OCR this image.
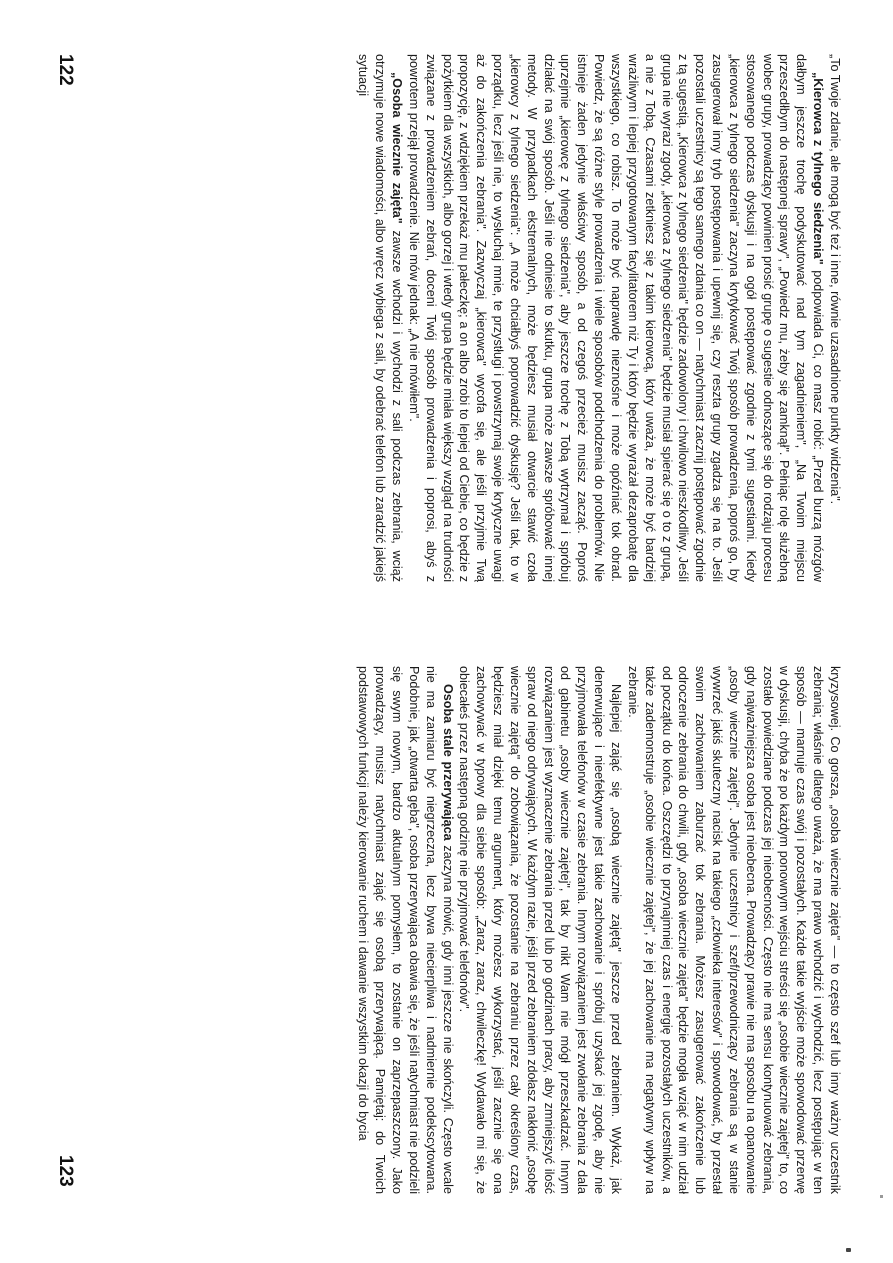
„To Twoje zdanie, ale mogą być też i inne, równie uzasadnione punkty widzenia".

„Kierowca z tylnego siedzenia" podpowiada Ci, co masz robić: „Przed burzą mózgów dałbym jeszcze trochę podyskutować nad tym zagadnieniem", „Na Twoim miejscu przeszedłbym do następnej sprawy", „Powiedz mu, żeby się zamknął". Pełniąc rolę służebną wobec grupy, prowadzący powinien prosić grupę o sugestie odnoszące się do rodzaju procesu stosowanego podczas dyskusji i na ogół postępować zgodnie z tymi sugestiami. Kiedy „kierowca z tylnego siedzenia" zaczyna krytykować Twój sposób prowadzenia, poproś go, by zasugerował inny tryb postępowania i upewnij się, czy reszta grupy zgadza się na to. Jeśli pozostali uczestnicy są tego samego zdania co on — natychmiast zacznij postępować zgodnie z tą sugestią. „Kierowca z tylnego siedzenia" będzie zadowolony i chwilowo nieszkodliwy. Jeśli grupa nie wyrazi zgody, „kierowca z tylnego siedzenia" będzie musiał spierać się o to z grupą, a nie z Tobą. Czasami zetkniesz się z takim kierowcą, który uważa, że może być bardziej wrażliwym i lepiej przygotowanym facylitatorem niż Ty i który będzie wyrażał dezaprobatę dla wszystkiego, co robisz. To może być naprawdę nieznośne i może opóźniać tok obrad. Powiedz, że są różne style prowadzenia i wiele sposobów podchodzenia do problemów. Nie istnieje żaden jedynie właściwy sposób, a od czegoś przecież musisz zacząć. Poproś uprzejmie „kierowcę z tylnego siedzenia", aby jeszcze trochę z Tobą wytrzymał i spróbuj działać na swój sposób. Jeśli nie odniesie to skutku, grupa może zawsze spróbować innej metody. W przypadkach ekstremalnych, może będziesz musiał otwarcie stawić czoła „kierowcy z tylnego siedzenia": „A może chciałbyś poprowadzić dyskusję? Jeśli tak, to w porządku, lecz jeśli nie, to wysłuchaj mnie, te przystługi i powstrzymaj swoje krytyczne uwagi aż do zakończenia zebrania". Zazwyczaj „kierowca" wycofa się, ale jeśli przyjmie Twą propozycję, z wdziękiem przekaż mu pałeczkę; a on albo zrobi to lepiej od Ciebie, co będzie z pożytkiem dla wszystkich, albo gorzej i wtedy grupa będzie miała większy wzgląd na trudności związane z prowadzeniem zebrań, doceni Twój sposób prowadzenia i poprosi, abyś z powrotem przejął prowadzenie. Nie mów jednak: „A nie mówiłem".

„Osoba wiecznie zajęta" zawsze wchodzi i wychodzi z sali podczas zebrania, wciąż otrzymuje nowe wiadomości, albo wręcz wybiega z sali, by odebrać telefon lub zaradzić jakiejś sytuacji

122

kryzysowej. Co gorsza, „osoba wiecznie zajęta" — to często szef lub inny ważny uczestnik zebrania; właśnie dlatego uważa, że ma prawo wchodzić i wychodzić, lecz postępując w ten sposób — marnuje czas swój i pozostałych. Każde takie wyjście może spowodować przerwę w dyskusji, chyba że po każdym ponownym wejściu streści się „osobie wiecznie zajętej" to, co zostało powiedziane podczas jej nieobecności. Często nie ma sensu kontynuować zebrania, gdy najważniejsza osoba jest nieobecna. Prowadzący prawie nie ma sposobu na opanowanie „osoby wiecznie zajętej". Jedynie uczestnicy i szef/przewodniczący zebrania są w stanie wywrzeć jakiś skuteczny nacisk na takiego „człowieka interesów" i spowodować, by przestał swoim zachowaniem zaburzać tok zebrania. Możesz zasugerować zakończenie lub odroczenie zebrania do chwili, gdy „osoba wiecznie zajęta" będzie mogła wziąć w nim udział od początku do końca. Oszczędzi to przynajmniej czas i energię pozostałych uczestników, a także zademonstruje „osobie wiecznie zajętej", że jej zachowanie ma negatywny wpływ na zebranie.

Najlepiej zająć się „osobą wiecznie zajętą" jeszcze przed zebraniem. Wykaż, jak denerwujące i nieefektywne jest takie zachowanie i spróbuj uzyskać jej zgodę, aby nie przyjmowała telefonów w czasie zebrania. Innym rozwiązaniem jest zwołanie zebrania z dala od gabinetu „osoby wiecznie zajętej", tak by nikt Wam nie mógł przeszkadzać. Innym rozwiązaniem jest wyznaczenie zebrania przed lub po godzinach pracy, aby zmniejszyć ilość spraw od niego odrywających. W każdym razie, jeśli przed zebraniem zdołasz nakłonić „osobę wiecznie zajętą" do zobowiązania, że pozostanie na zebraniu przez cały określony czas, będziesz miał dzięki temu argument, który możesz wykorzystać, jeśli zacznie się ona zachowywać w typowy dla siebie sposób: „Zaraz, zaraz, chwileczkę! Wydawało mi się, że obiecałeś przez następną godzinę nie przyjmować telefonów".

Osoba stale przerywająca zaczyna mówić, gdy inni jeszcze nie skończyli. Często wcale nie ma zamiaru być niegrzeczna, lecz bywa niecierpliwa i nadmiernie podekscytowana. Podobnie, jak „otwarta gęba", osoba przerywająca obawia się, że jeśli natychmiast nie podzieli się swym nowym, bardzo aktualnym pomysłem, to zostanie on zaprzepaszczony. Jako prowadzący, musisz natychmiast zająć się osobą przerywającą. Pamiętaj: do Twoich podstawowych funkcji należy kierowanie ruchem i dawanie wszystkim okazji do bycia

123
